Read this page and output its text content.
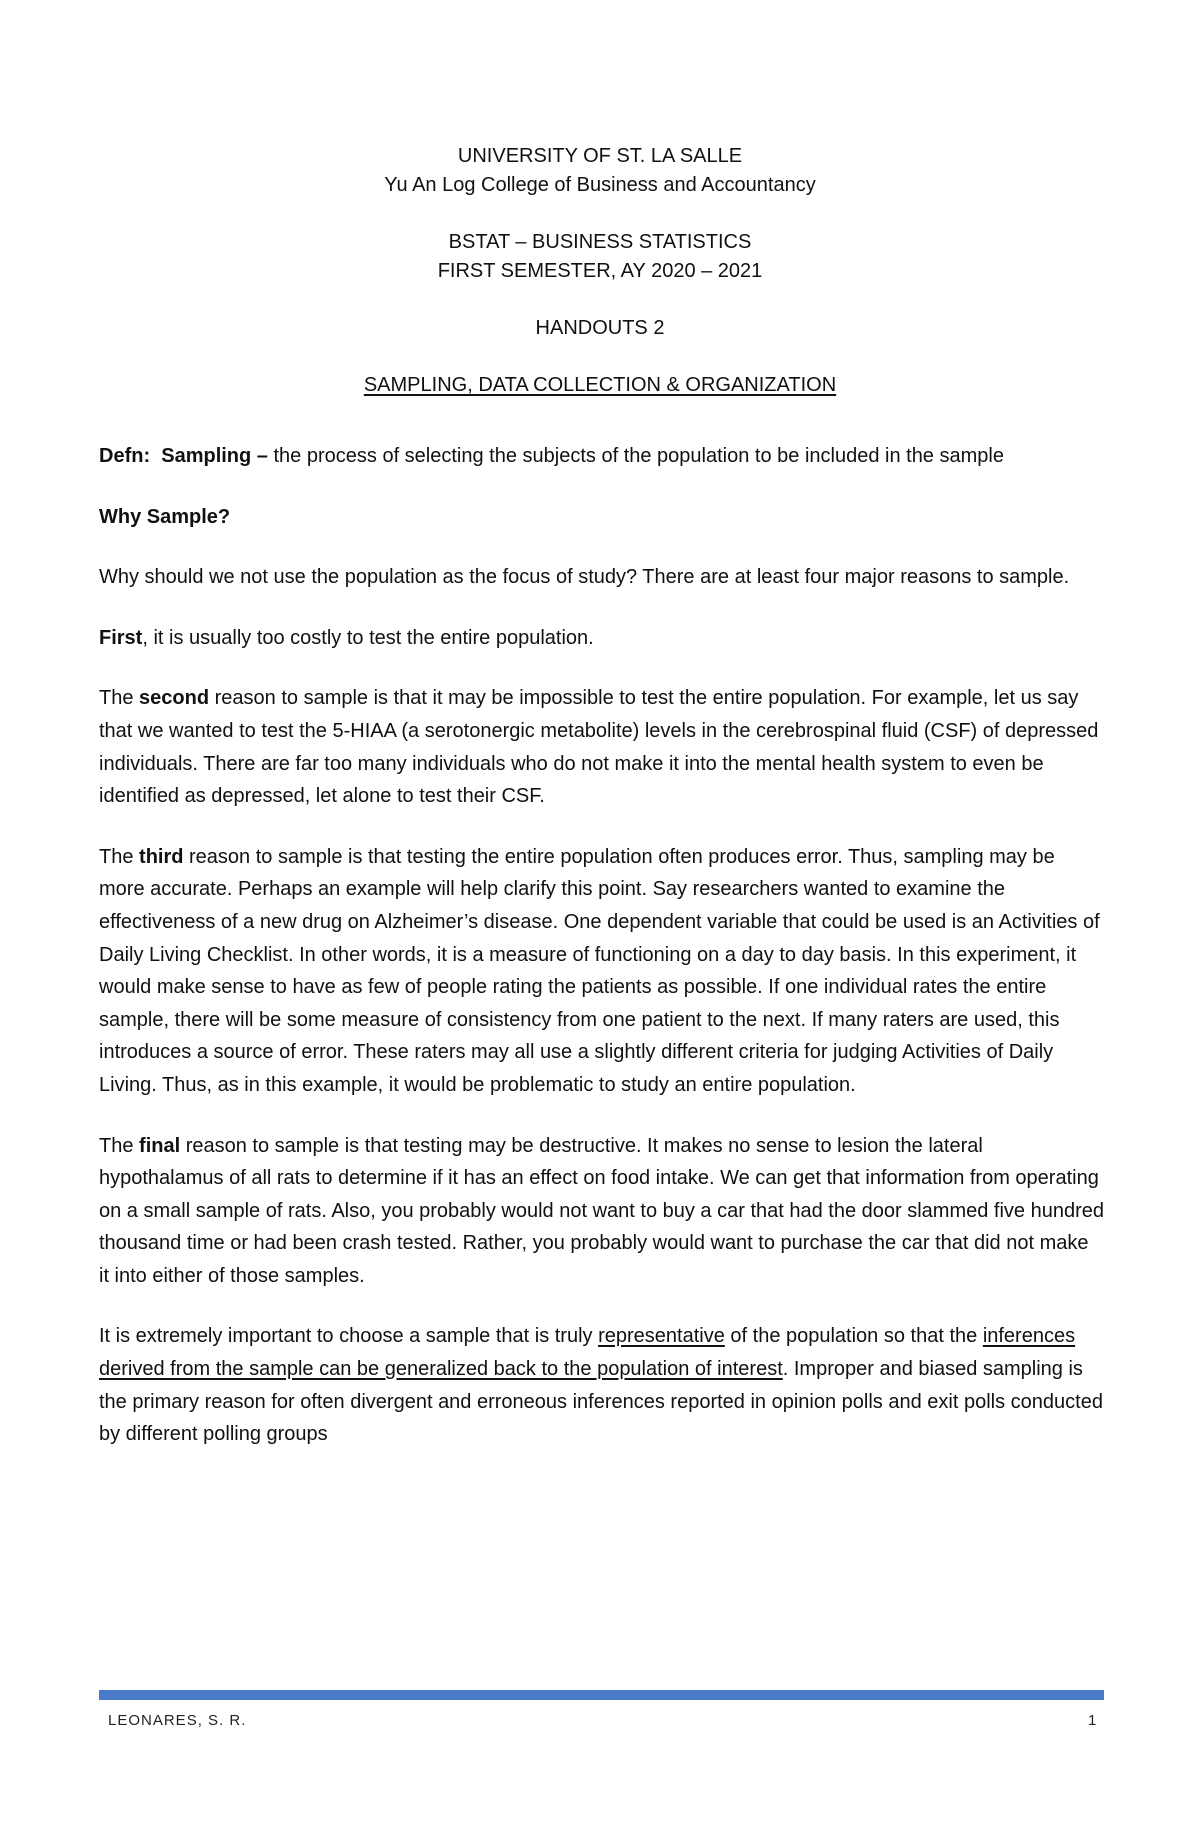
UNIVERSITY OF ST. LA SALLE
Yu An Log College of Business and Accountancy
BSTAT – BUSINESS STATISTICS
FIRST SEMESTER, AY 2020 – 2021
HANDOUTS 2
SAMPLING, DATA COLLECTION & ORGANIZATION

Defn: Sampling – the process of selecting the subjects of the population to be included in the sample

Why Sample?

Why should we not use the population as the focus of study? There are at least four major reasons to sample.

First, it is usually too costly to test the entire population.

The second reason to sample is that it may be impossible to test the entire population. For example, let us say that we wanted to test the 5-HIAA (a serotonergic metabolite) levels in the cerebrospinal fluid (CSF) of depressed individuals. There are far too many individuals who do not make it into the mental health system to even be identified as depressed, let alone to test their CSF.

The third reason to sample is that testing the entire population often produces error. Thus, sampling may be more accurate. Perhaps an example will help clarify this point. Say researchers wanted to examine the effectiveness of a new drug on Alzheimer’s disease. One dependent variable that could be used is an Activities of Daily Living Checklist. In other words, it is a measure of functioning on a day to day basis. In this experiment, it would make sense to have as few of people rating the patients as possible. If one individual rates the entire sample, there will be some measure of consistency from one patient to the next. If many raters are used, this introduces a source of error. These raters may all use a slightly different criteria for judging Activities of Daily Living. Thus, as in this example, it would be problematic to study an entire population.

The final reason to sample is that testing may be destructive. It makes no sense to lesion the lateral hypothalamus of all rats to determine if it has an effect on food intake. We can get that information from operating on a small sample of rats. Also, you probably would not want to buy a car that had the door slammed five hundred thousand time or had been crash tested. Rather, you probably would want to purchase the car that did not make it into either of those samples.

It is extremely important to choose a sample that is truly representative of the population so that the inferences derived from the sample can be generalized back to the population of interest. Improper and biased sampling is the primary reason for often divergent and erroneous inferences reported in opinion polls and exit polls conducted by different polling groups

LEONARES, S. R.	1
